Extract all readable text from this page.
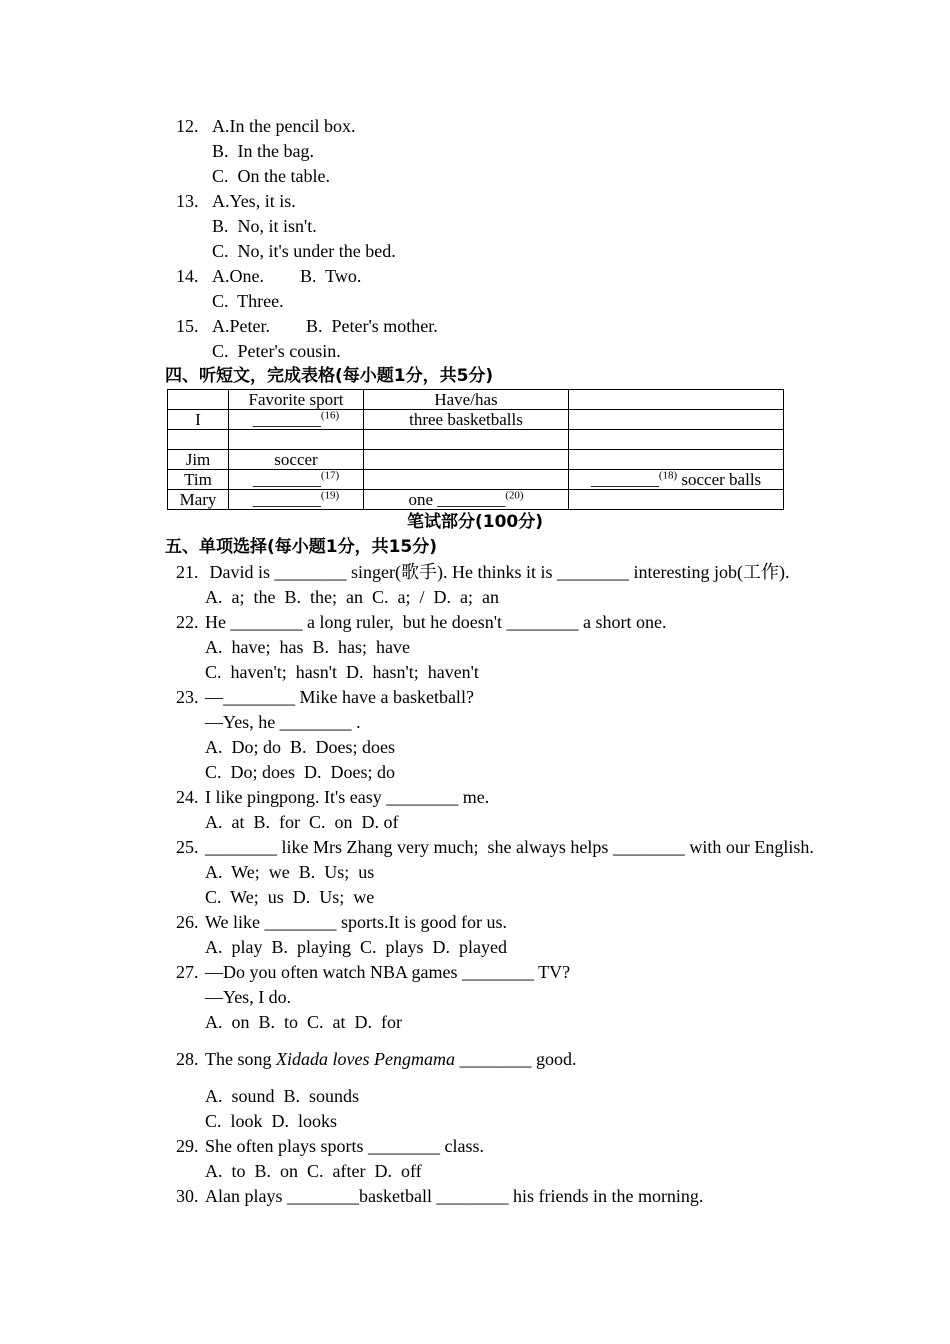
12. A.In the pencil box.
B.  In the bag.
C.  On the table.
13. A.Yes, it is.
B.  No, it isn't.
C.  No, it's under the bed.
14. A.One.        B.  Two.
C.  Three.
15. A.Peter.        B.  Peter's mother.
C.  Peter's cousin.
四、听短文，完成表格(每小题1分，共5分)
	Favorite sport	Have/has	
I	________$^{(16)}$	three basketballs	

Jim	soccer		
Tim	________$^{(17)}$		________$^{(18)}$ soccer balls
Mary	________$^{(19)}$	one ________$^{(20)}$	
笔试部分(100分)
五、单项选择(每小题1分，共15分)
21. David is ________ singer(歌手). He thinks it is ________ interesting job(工作).
A.  a;  the  B.  the;  an  C.  a;  /  D.  a;  an
22. He ________ a long ruler,  but he doesn't ________ a short one.
A.  have;  has  B.  has;  have
C.  haven't;  hasn't  D.  hasn't;  haven't
23. —________ Mike have a basketball?
—Yes, he ________ .
A.  Do; do  B.  Does; does
C.  Do; does  D.  Does; do
24. I like pingpong. It's easy ________ me.
A.  at  B.  for  C.  on  D. of
25. ________ like Mrs Zhang very much;  she always helps ________ with our English.
A.  We;  we  B.  Us;  us
C.  We;  us  D.  Us;  we
26. We like ________ sports.It is good for us.
A.  play  B.  playing  C.  plays  D.  played
27. —Do you often watch NBA games ________ TV?
—Yes, I do.
A.  on  B.  to  C.  at  D.  for
28. The song Xidada loves Pengmama ________ good.
A.  sound  B.  sounds
C.  look  D.  looks
29. She often plays sports ________ class.
A.  to  B.  on  C.  after  D.  off
30. Alan plays ________basketball ________ his friends in the morning.
